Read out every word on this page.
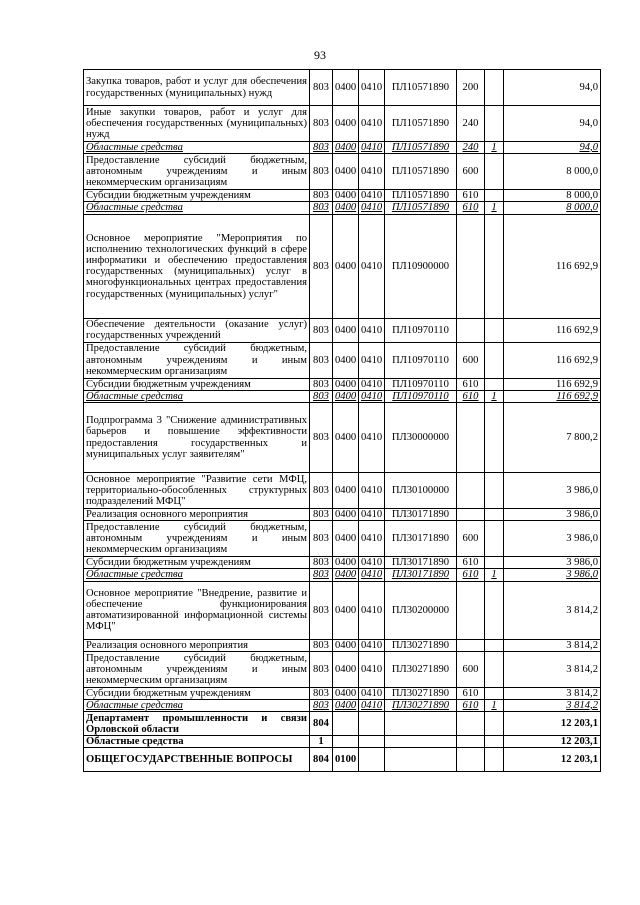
93
Закупка товаров, работ и услуг для обеспечения государственных (муниципальных) нужд	803	0400	0410	ПЛ10571890	200		94,0
Иные закупки товаров, работ и услуг для обеспечения государственных (муниципальных) нужд	803	0400	0410	ПЛ10571890	240		94,0
Областные средства	803	0400	0410	ПЛ10571890	240	1	94,0
Предоставление субсидий бюджетным, автономным учреждениям и иным некоммерческим организациям	803	0400	0410	ПЛ10571890	600		8 000,0
Субсидии бюджетным учреждениям	803	0400	0410	ПЛ10571890	610		8 000,0
Областные средства	803	0400	0410	ПЛ10571890	610	1	8 000,0
Основное мероприятие "Мероприятия по исполнению технологических функций в сфере информатики и обеспечению предоставления государственных (муниципальных) услуг в многофункциональных центрах предоставления государственных (муниципальных) услуг"	803	0400	0410	ПЛ10900000			116 692,9
Обеспечение деятельности (оказание услуг) государственных учреждений	803	0400	0410	ПЛ10970110			116 692,9
Предоставление субсидий бюджетным, автономным учреждениям и иным некоммерческим организациям	803	0400	0410	ПЛ10970110	600		116 692,9
Субсидии бюджетным учреждениям	803	0400	0410	ПЛ10970110	610		116 692,9
Областные средства	803	0400	0410	ПЛ10970110	610	1	116 692,9
Подпрограмма 3 "Снижение административных барьеров и повышение эффективности предоставления государственных и муниципальных услуг заявителям"	803	0400	0410	ПЛ30000000			7 800,2
Основное мероприятие "Развитие сети МФЦ, территориально-обособленных структурных подразделений МФЦ"	803	0400	0410	ПЛ30100000			3 986,0
Реализация основного мероприятия	803	0400	0410	ПЛ30171890			3 986,0
Предоставление субсидий бюджетным, автономным учреждениям и иным некоммерческим организациям	803	0400	0410	ПЛ30171890	600		3 986,0
Субсидии бюджетным учреждениям	803	0400	0410	ПЛ30171890	610		3 986,0
Областные средства	803	0400	0410	ПЛ30171890	610	1	3 986,0
Основное мероприятие "Внедрение, развитие и обеспечение функционирования автоматизированной информационной системы МФЦ"	803	0400	0410	ПЛ30200000			3 814,2
Реализация основного мероприятия	803	0400	0410	ПЛ30271890			3 814,2
Предоставление субсидий бюджетным, автономным учреждениям и иным некоммерческим организациям	803	0400	0410	ПЛ30271890	600		3 814,2
Субсидии бюджетным учреждениям	803	0400	0410	ПЛ30271890	610		3 814,2
Областные средства	803	0400	0410	ПЛ30271890	610	1	3 814,2
Департамент промышленности и связи Орловской области	804						12 203,1
Областные средства	1						12 203,1
ОБЩЕГОСУДАРСТВЕННЫЕ ВОПРОСЫ	804	0100					12 203,1
